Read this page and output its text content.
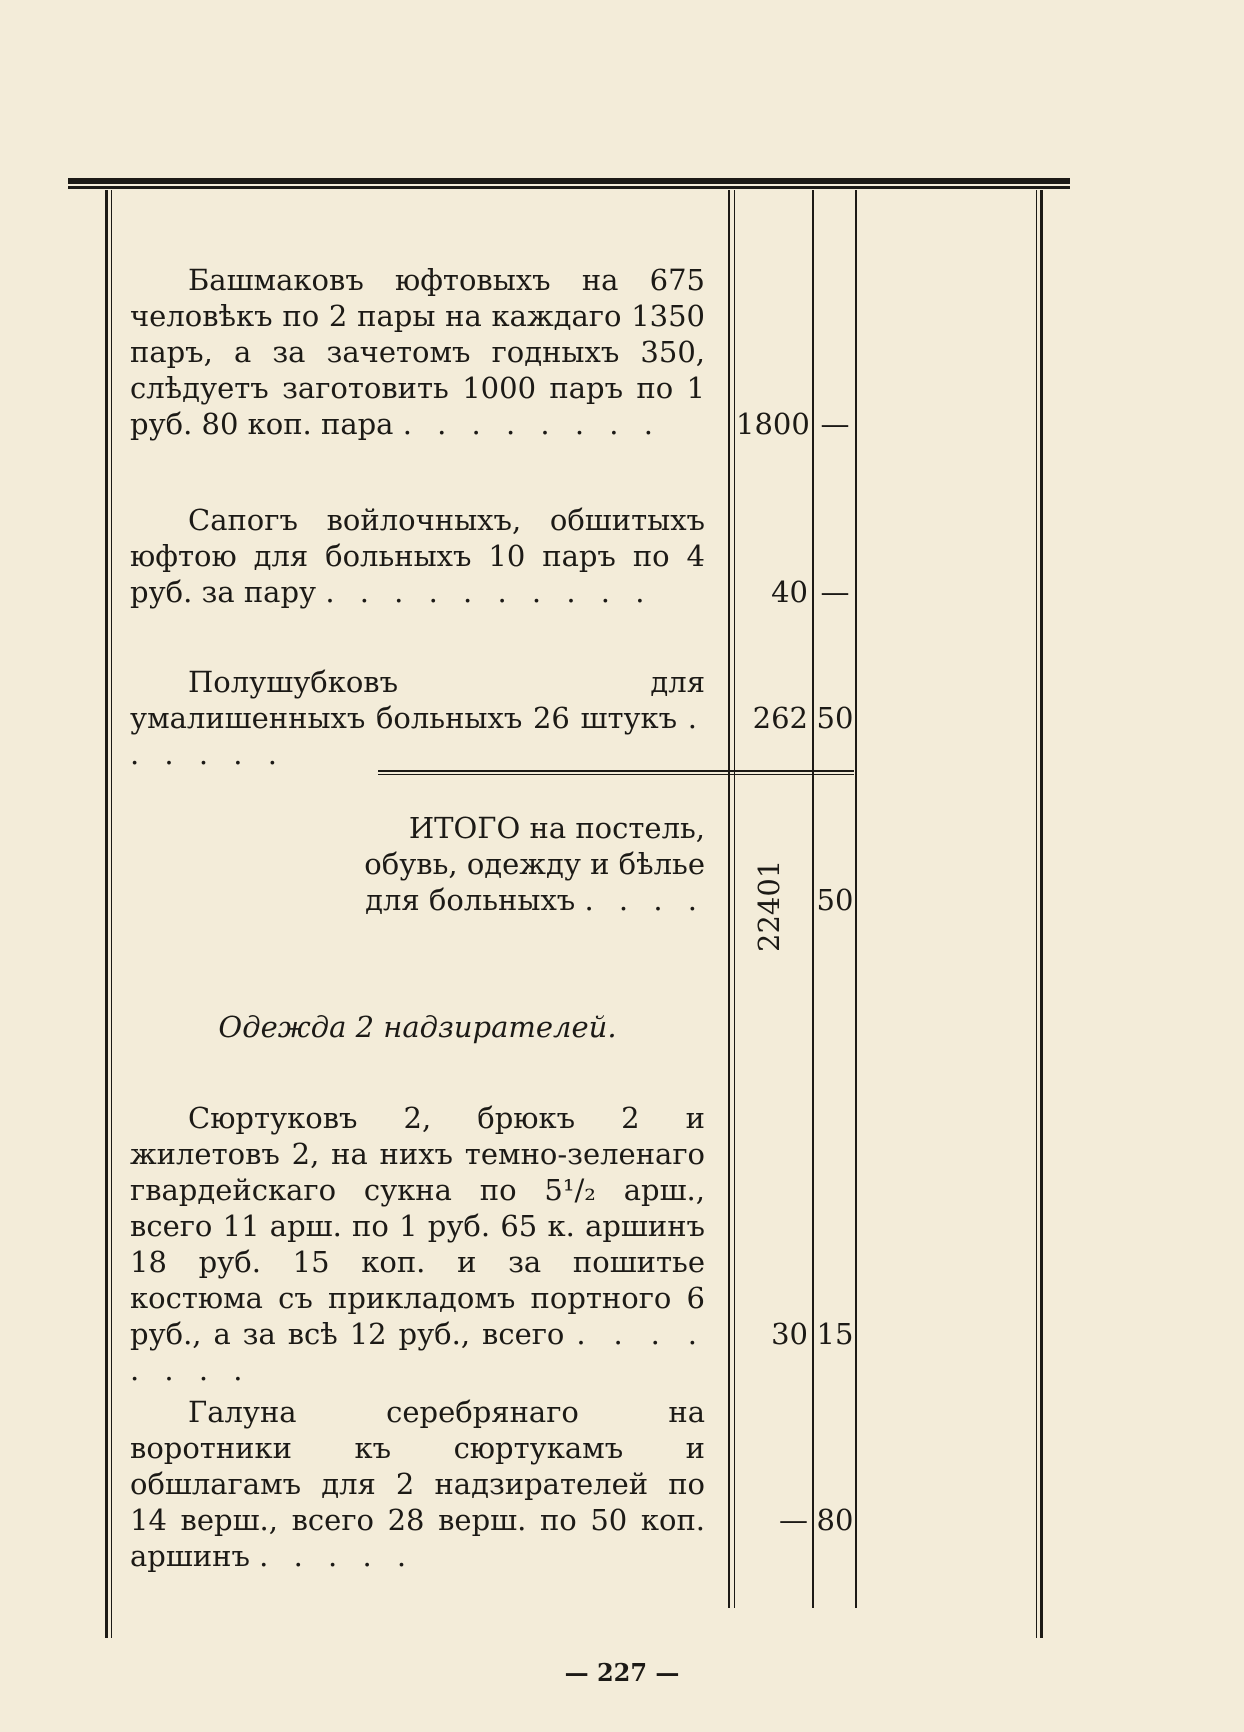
Башмаковъ юфтовыхъ на 675 человѣкъ по 2 пары на каждаго 1350 паръ, а за зачетомъ годныхъ 350, слѣдуетъ заготовить 1000 паръ по 1 руб. 80 коп. пара . . . . . . . .	1800 —

Сапогъ войлочныхъ, обшитыхъ юфтою для больныхъ 10 паръ по 4 руб. за пару . . . . . . . . . .	40 —

Полушубковъ для умалишенныхъ больныхъ 26 штукъ . . . . . .

262 50
ИТОГО на постель,
обувь, одежду и бѣлье
для больныхъ . . . . 22401 50
Одежда 2 надзирателей.

Сюртуковъ 2, брюкъ 2 и жилетовъ 2, на нихъ темно-зеленаго гвардейскаго сукна по 5¹/₂ арш., всего 11 арш. по 1 руб. 65 к. аршинъ 18 руб. 15 коп. и за пошитье костюма съ прикладомъ портного 6 руб., а за всѣ 12 руб., всего . . . . . . . .

30 15

Галуна серебрянаго на воротники къ сюртукамъ и обшлагамъ для 2 надзирателей по 14 верш., всего 28 верш. по 50 коп. аршинъ . . . . .

— 80
— 227 —
